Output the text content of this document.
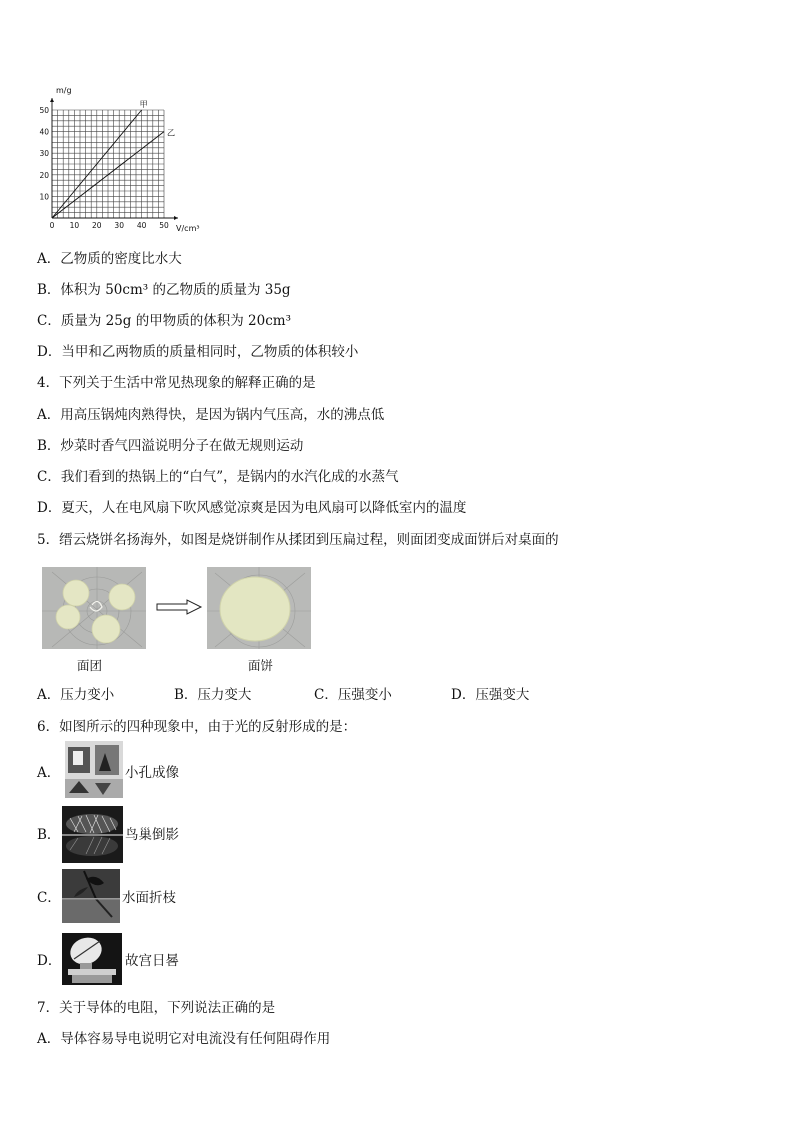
0 10 20 30 40 50
10
20
30
40
50
甲
乙
m/g
V/cm³
A．乙物质的密度比水大
B．体积为 50cm³ 的乙物质的质量为 35g
C．质量为 25g 的甲物质的体积为 20cm³
D．当甲和乙两物质的质量相同时，乙物质的体积较小
4．下列关于生活中常见热现象的解释正确的是
A．用高压锅炖肉熟得快，是因为锅内气压高，水的沸点低
B．炒菜时香气四溢说明分子在做无规则运动
C．我们看到的热锅上的“白气”，是锅内的水汽化成的水蒸气
D．夏天，人在电风扇下吹风感觉凉爽是因为电风扇可以降低室内的温度
5．缙云烧饼名扬海外，如图是烧饼制作从揉团到压扁过程，则面团变成面饼后对桌面的
面团	面饼
A．压力变小	B．压力变大	C．压强变小	D．压强变大
6．如图所示的四种现象中，由于光的反射形成的是：
A．	小孔成像
B．	鸟巢倒影
C．	水面折枝
D．	故宫日晷
7．关于导体的电阻，下列说法正确的是
A．导体容易导电说明它对电流没有任何阻碍作用
